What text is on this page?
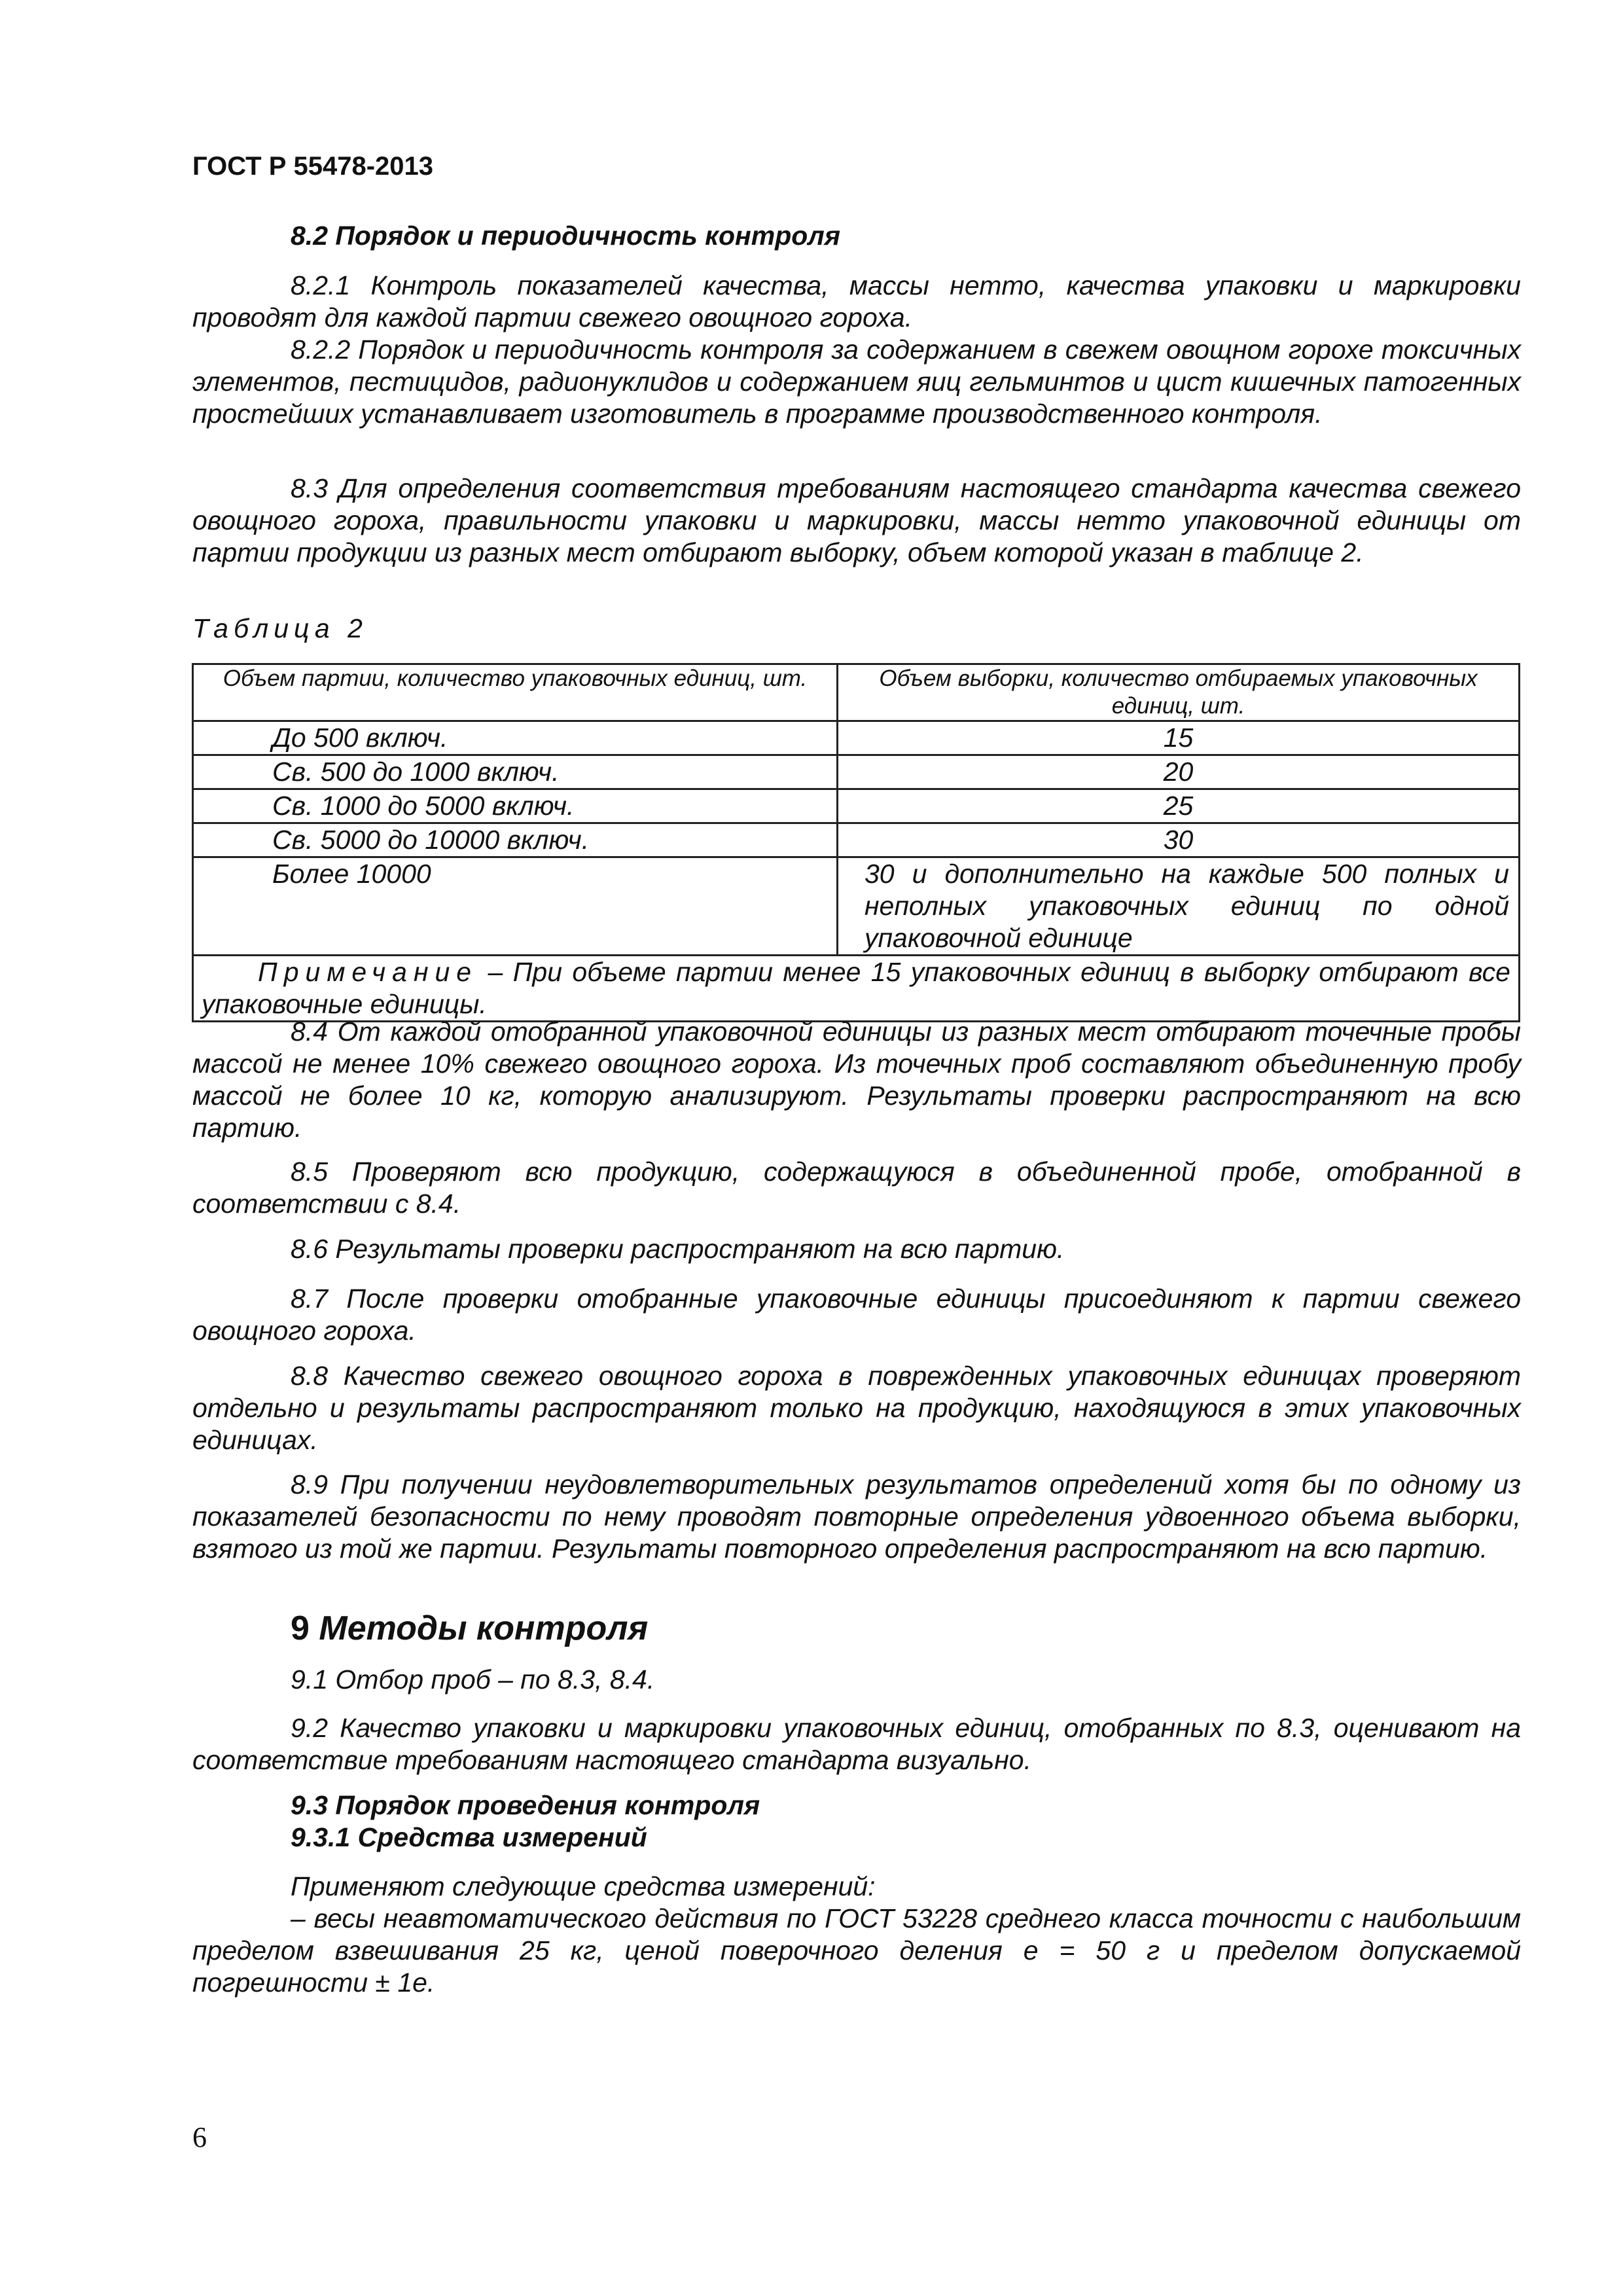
ГОСТ Р 55478-2013
8.2 Порядок и периодичность контроля
8.2.1 Контроль показателей качества, массы нетто, качества упаковки и маркировки проводят для каждой партии свежего овощного гороха.
8.2.2 Порядок и периодичность контроля за содержанием в свежем овощном горохе токсичных элементов, пестицидов, радионуклидов и содержанием яиц гельминтов и цист кишечных патогенных простейших устанавливает изготовитель в программе производственного контроля.
8.3 Для определения соответствия требованиям настоящего стандарта качества свежего овощного гороха, правильности упаковки и маркировки, массы нетто упаковочной единицы от партии продукции из разных мест отбирают выборку, объем которой указан в таблице 2.
Таблица 2
Объем партии, количество упаковочных единиц, шт.	Объем выборки, количество отбираемых упаковочных единиц, шт.
До 500 включ.	15
Св. 500 до 1000 включ.	20
Св. 1000 до 5000 включ.	25
Св. 5000 до 10000 включ.	30
Более 10000	30 и дополнительно на каждые 500 полных и неполных упаковочных единиц по одной упаковочной единице
Примечание – При объеме партии менее 15 упаковочных единиц в выборку отбирают все упаковочные единицы.	
8.4 От каждой отобранной упаковочной единицы из разных мест отбирают точечные пробы массой не менее 10% свежего овощного гороха. Из точечных проб составляют объединенную пробу массой не более 10 кг, которую анализируют. Результаты проверки распространяют на всю партию.
8.5 Проверяют всю продукцию, содержащуюся в объединенной пробе, отобранной в соответствии с 8.4.
8.6 Результаты проверки распространяют на всю партию.
8.7 После проверки отобранные упаковочные единицы присоединяют к партии свежего овощного гороха.
8.8 Качество свежего овощного гороха в поврежденных упаковочных единицах проверяют отдельно и результаты распространяют только на продукцию, находящуюся в этих упаковочных единицах.
8.9 При получении неудовлетворительных результатов определений хотя бы по одному из показателей безопасности по нему проводят повторные определения удвоенного объема выборки, взятого из той же партии. Результаты повторного определения распространяют на всю партию.
9 Методы контроля
9.1 Отбор проб – по 8.3, 8.4.
9.2 Качество упаковки и маркировки упаковочных единиц, отобранных по 8.3, оценивают на соответствие требованиям настоящего стандарта визуально.
9.3 Порядок проведения контроля
9.3.1 Средства измерений
Применяют следующие средства измерений:
– весы неавтоматического действия по ГОСТ 53228 среднего класса точности с наибольшим пределом взвешивания 25 кг, ценой поверочного деления е = 50 г и пределом допускаемой погрешности ± 1е.
6
